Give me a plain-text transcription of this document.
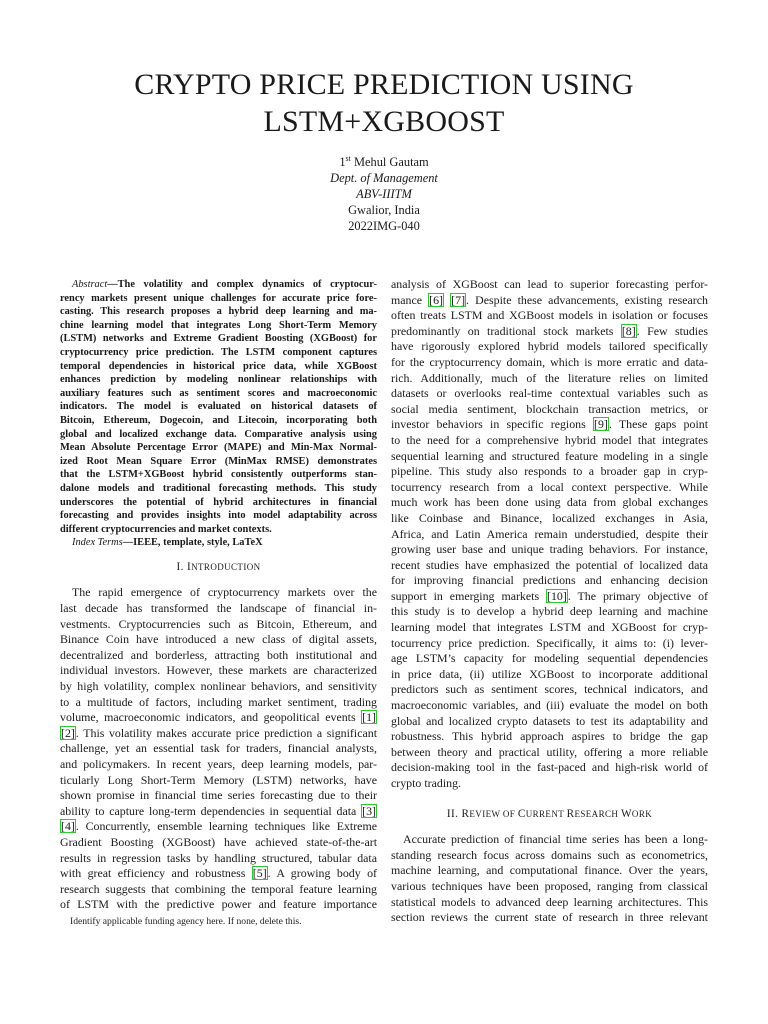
CRYPTO PRICE PREDICTION USING
LSTM+XGBOOST
1st Mehul Gautam
Dept. of Management
ABV-IIITM
Gwalior, India
2022IMG-040
Abstract—The volatility and complex dynamics of cryptocur-
rency markets present unique challenges for accurate price fore-
casting. This research proposes a hybrid deep learning and ma-
chine learning model that integrates Long Short-Term Memory
(LSTM) networks and Extreme Gradient Boosting (XGBoost) for
cryptocurrency price prediction. The LSTM component captures
temporal dependencies in historical price data, while XGBoost
enhances prediction by modeling nonlinear relationships with
auxiliary features such as sentiment scores and macroeconomic
indicators. The model is evaluated on historical datasets of
Bitcoin, Ethereum, Dogecoin, and Litecoin, incorporating both
global and localized exchange data. Comparative analysis using
Mean Absolute Percentage Error (MAPE) and Min-Max Normal-
ized Root Mean Square Error (MinMax RMSE) demonstrates
that the LSTM+XGBoost hybrid consistently outperforms stan-
dalone models and traditional forecasting methods. This study
underscores the potential of hybrid architectures in financial
forecasting and provides insights into model adaptability across
different cryptocurrencies and market contexts.
Index Terms—IEEE, template, style, LaTeX
I. INTRODUCTION
The rapid emergence of cryptocurrency markets over the
last decade has transformed the landscape of financial in-
vestments. Cryptocurrencies such as Bitcoin, Ethereum, and
Binance Coin have introduced a new class of digital assets,
decentralized and borderless, attracting both institutional and
individual investors. However, these markets are characterized
by high volatility, complex nonlinear behaviors, and sensitivity
to a multitude of factors, including market sentiment, trading
volume, macroeconomic indicators, and geopolitical events [1]
[2]. This volatility makes accurate price prediction a significant
challenge, yet an essential task for traders, financial analysts,
and policymakers. In recent years, deep learning models, par-
ticularly Long Short-Term Memory (LSTM) networks, have
shown promise in financial time series forecasting due to their
ability to capture long-term dependencies in sequential data [3]
[4]. Concurrently, ensemble learning techniques like Extreme
Gradient Boosting (XGBoost) have achieved state-of-the-art
results in regression tasks by handling structured, tabular data
with great efficiency and robustness [5]. A growing body of
research suggests that combining the temporal feature learning
of LSTM with the predictive power and feature importance
Identify applicable funding agency here. If none, delete this.
analysis of XGBoost can lead to superior forecasting perfor-
mance [6] [7]. Despite these advancements, existing research
often treats LSTM and XGBoost models in isolation or focuses
predominantly on traditional stock markets [8]. Few studies
have rigorously explored hybrid models tailored specifically
for the cryptocurrency domain, which is more erratic and data-
rich. Additionally, much of the literature relies on limited
datasets or overlooks real-time contextual variables such as
social media sentiment, blockchain transaction metrics, or
investor behaviors in specific regions [9]. These gaps point
to the need for a comprehensive hybrid model that integrates
sequential learning and structured feature modeling in a single
pipeline. This study also responds to a broader gap in cryp-
tocurrency research from a local context perspective. While
much work has been done using data from global exchanges
like Coinbase and Binance, localized exchanges in Asia,
Africa, and Latin America remain understudied, despite their
growing user base and unique trading behaviors. For instance,
recent studies have emphasized the potential of localized data
for improving financial predictions and enhancing decision
support in emerging markets [10]. The primary objective of
this study is to develop a hybrid deep learning and machine
learning model that integrates LSTM and XGBoost for cryp-
tocurrency price prediction. Specifically, it aims to: (i) lever-
age LSTM’s capacity for modeling sequential dependencies
in price data, (ii) utilize XGBoost to incorporate additional
predictors such as sentiment scores, technical indicators, and
macroeconomic variables, and (iii) evaluate the model on both
global and localized crypto datasets to test its adaptability and
robustness. This hybrid approach aspires to bridge the gap
between theory and practical utility, offering a more reliable
decision-making tool in the fast-paced and high-risk world of
crypto trading.
II. REVIEW OF CURRENT RESEARCH WORK
Accurate prediction of financial time series has been a long-
standing research focus across domains such as econometrics,
machine learning, and computational finance. Over the years,
various techniques have been proposed, ranging from classical
statistical models to advanced deep learning architectures. This
section reviews the current state of research in three relevant
